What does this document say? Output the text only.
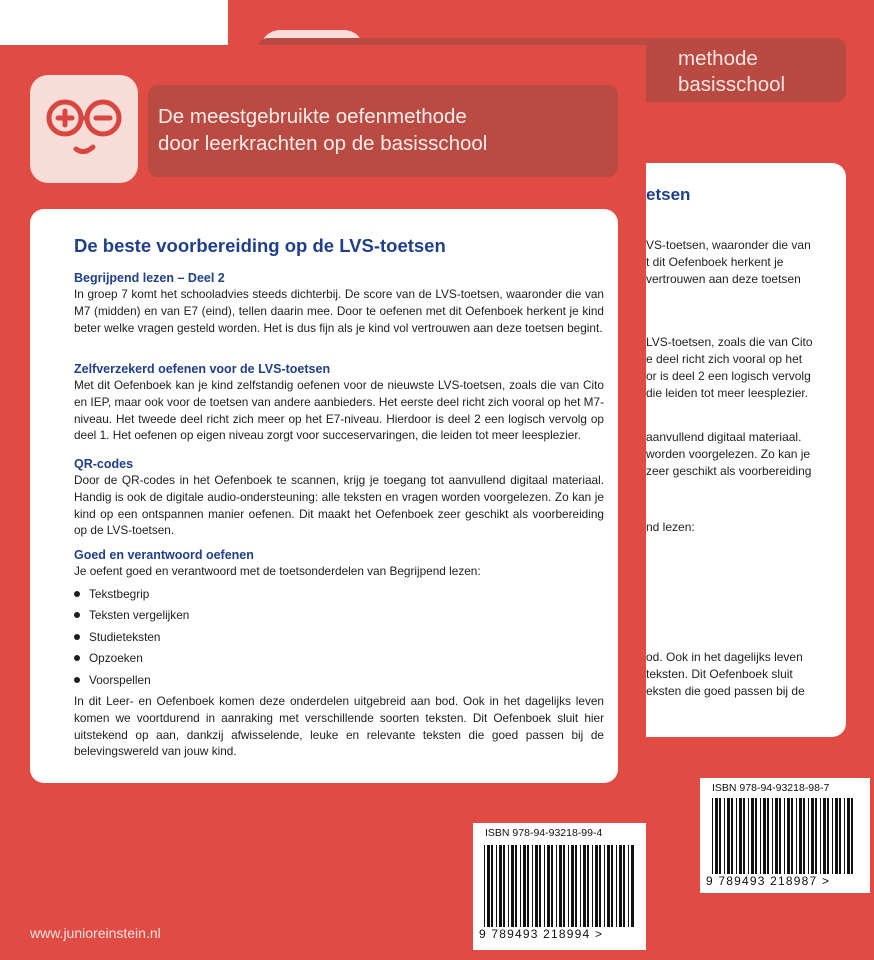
methode
basisschool
etsen
VS-toetsen, waaronder die van
t dit Oefenboek herkent je
vertrouwen aan deze toetsen
LVS-toetsen, zoals die van Cito
e deel richt zich vooral op het
or is deel 2 een logisch vervolg
die leiden tot meer leesplezier.
aanvullend digitaal materiaal.
worden voorgelezen. Zo kan je
zeer geschikt als voorbereiding
nd lezen:
od. Ook in het dagelijks leven
teksten. Dit Oefenboek sluit
eksten die goed passen bij de
ISBN 978-94-93218-98-7
9 789493 218987 >
De meestgebruikte oefenmethode
door leerkrachten op de basisschool
De beste voorbereiding op de LVS-toetsen
Begrijpend lezen – Deel 2
In groep 7 komt het schooladvies steeds dichterbij. De score van de LVS-toetsen, waaronder die van M7 (midden) en van E7 (eind), tellen daarin mee. Door te oefenen met dit Oefenboek herkent je kind beter welke vragen gesteld worden. Het is dus fijn als je kind vol vertrouwen aan deze toetsen begint.
Zelfverzekerd oefenen voor de LVS-toetsen
Met dit Oefenboek kan je kind zelfstandig oefenen voor de nieuwste LVS-toetsen, zoals die van Cito en IEP, maar ook voor de toetsen van andere aanbieders. Het eerste deel richt zich vooral op het M7-niveau. Het tweede deel richt zich meer op het E7-niveau. Hierdoor is deel 2 een logisch vervolg op deel 1. Het oefenen op eigen niveau zorgt voor succeservaringen, die leiden tot meer leesplezier.
QR-codes
Door de QR-codes in het Oefenboek te scannen, krijg je toegang tot aanvullend digitaal materiaal. Handig is ook de digitale audio-ondersteuning: alle teksten en vragen worden voorgelezen. Zo kan je kind op een ontspannen manier oefenen. Dit maakt het Oefenboek zeer geschikt als voorbereiding op de LVS-toetsen.
Goed en verantwoord oefenen
Je oefent goed en verantwoord met de toetsonderdelen van Begrijpend lezen:
Tekstbegrip
Teksten vergelijken
Studieteksten
Opzoeken
Voorspellen
In dit Leer- en Oefenboek komen deze onderdelen uitgebreid aan bod. Ook in het dagelijks leven komen we voortdurend in aanraking met verschillende soorten teksten. Dit Oefenboek sluit hier uitstekend op aan, dankzij afwisselende, leuke en relevante teksten die goed passen bij de belevingswereld van jouw kind.
ISBN 978-94-93218-99-4
9 789493 218994 >
www.junioreinstein.nl
